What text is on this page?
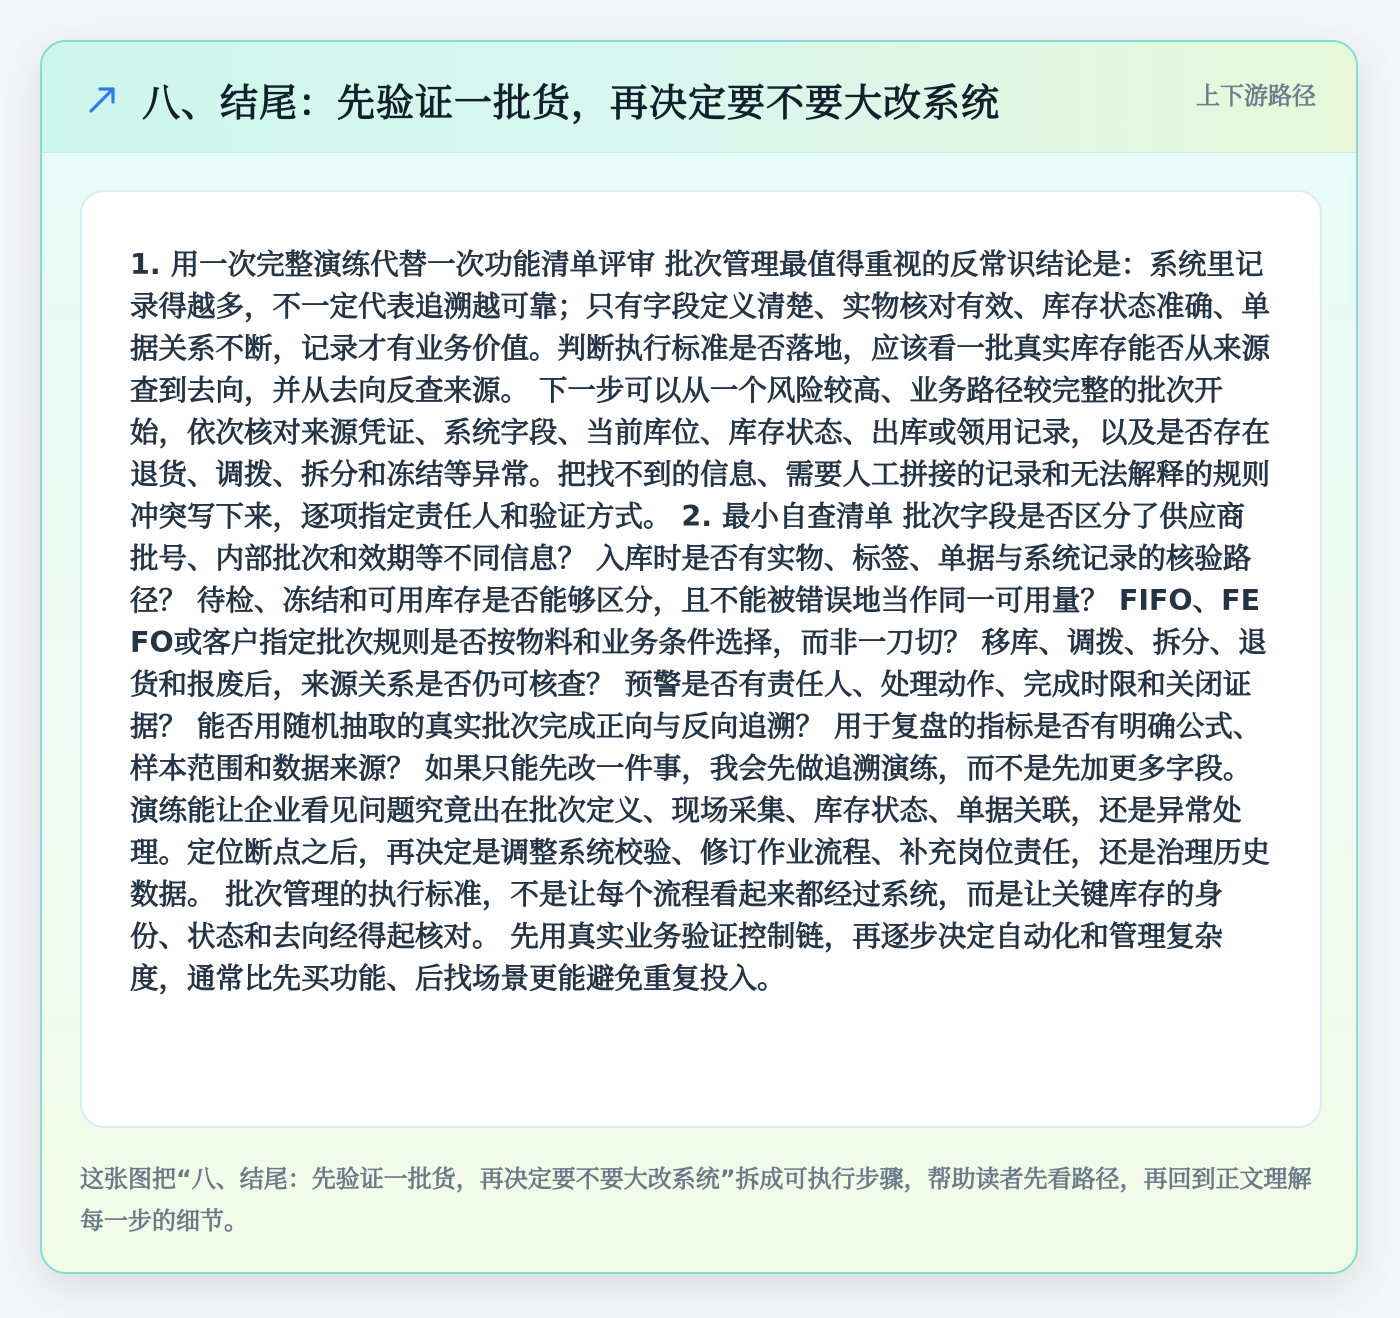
八、结尾：先验证一批货，再决定要不要大改系统	上下游路径

1. 用一次完整演练代替一次功能清单评审 批次管理最值得重视的反常识结论是：系统里记录得越多，不一定代表追溯越可靠；只有字段定义清楚、实物核对有效、库存状态准确、单据关系不断，记录才有业务价值。判断执行标准是否落地，应该看一批真实库存能否从来源查到去向，并从去向反查来源。 下一步可以从一个风险较高、业务路径较完整的批次开始，依次核对来源凭证、系统字段、当前库位、库存状态、出库或领用记录，以及是否存在退货、调拨、拆分和冻结等异常。把找不到的信息、需要人工拼接的记录和无法解释的规则冲突写下来，逐项指定责任人和验证方式。 2. 最小自查清单 批次字段是否区分了供应商批号、内部批次和效期等不同信息？ 入库时是否有实物、标签、单据与系统记录的核验路径？ 待检、冻结和可用库存是否能够区分，且不能被错误地当作同一可用量？ FIFO、FEFO或客户指定批次规则是否按物料和业务条件选择，而非一刀切？ 移库、调拨、拆分、退货和报废后，来源关系是否仍可核查？ 预警是否有责任人、处理动作、完成时限和关闭证据？ 能否用随机抽取的真实批次完成正向与反向追溯？ 用于复盘的指标是否有明确公式、样本范围和数据来源？ 如果只能先改一件事，我会先做追溯演练，而不是先加更多字段。演练能让企业看见问题究竟出在批次定义、现场采集、库存状态、单据关联，还是异常处理。定位断点之后，再决定是调整系统校验、修订作业流程、补充岗位责任，还是治理历史数据。 批次管理的执行标准，不是让每个流程看起来都经过系统，而是让关键库存的身份、状态和去向经得起核对。 先用真实业务验证控制链，再逐步决定自动化和管理复杂度，通常比先买功能、后找场景更能避免重复投入。

这张图把“八、结尾：先验证一批货，再决定要不要大改系统”拆成可执行步骤，帮助读者先看路径，再回到正文理解每一步的细节。
